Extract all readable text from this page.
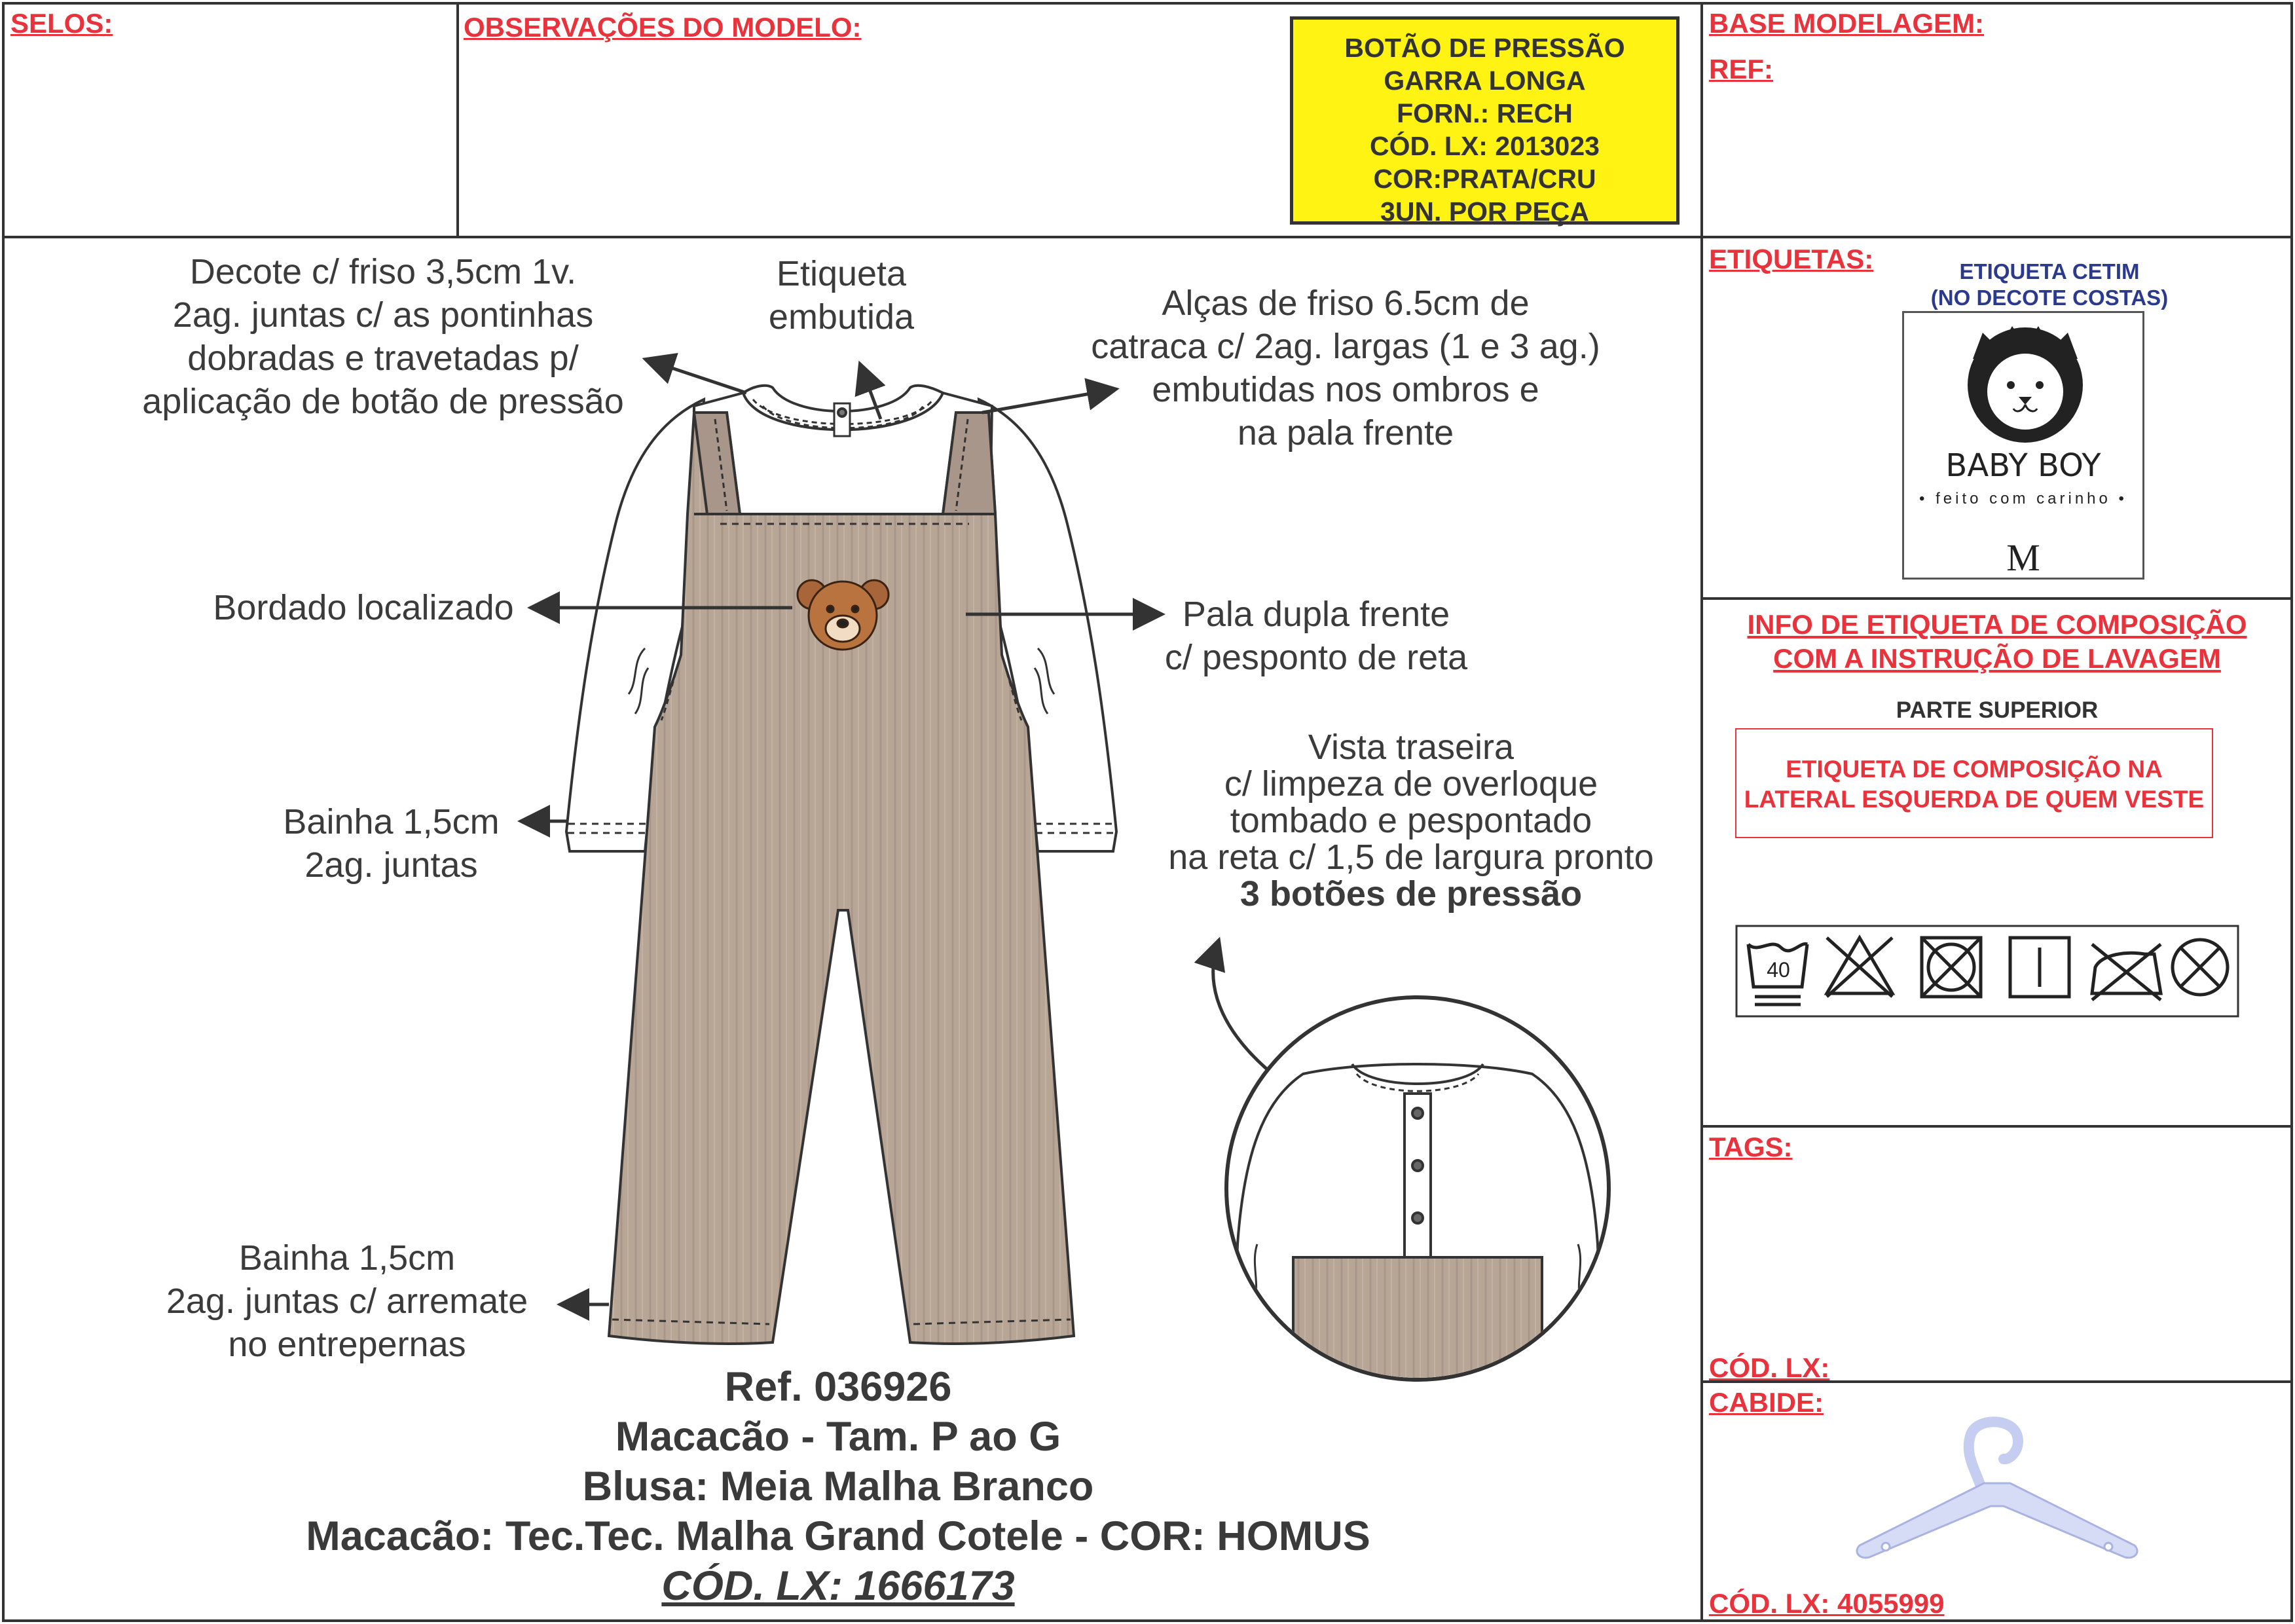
SELOS:	OBSERVAÇÕES DO MODELO:
BOTÃO DE PRESSÃO
GARRA LONGA
FORN.: RECH
CÓD. LX: 2013023
COR:PRATA/CRU
3UN. POR PEÇA
BASE MODELAGEM:
REF:
Decote c/ friso 3,5cm 1v.
2ag. juntas c/ as pontinhas
dobradas e travetadas p/
aplicação de botão de pressão
Etiqueta
embutida	Alças de friso 6.5cm de
catraca c/ 2ag. largas (1 e 3 ag.)
embutidas nos ombros e
na pala frente
Bordado localizado	Pala dupla frente
c/ pesponto de reta
Bainha 1,5cm
2ag. juntas
Vista traseira
c/ limpeza de overloque
tombado e pespontado
na reta c/ 1,5 de largura pronto
3 botões de pressão
Bainha 1,5cm
2ag. juntas c/ arremate
no entrepernas
Ref. 036926
Macacão - Tam. P ao G
Blusa: Meia Malha Branco
Macacão: Tec.Tec. Malha Grand Cotele - COR: HOMUS
CÓD. LX: 1666173
ETIQUETAS:	ETIQUETA CETIM
(NO DECOTE COSTAS)
BABY BOY
• feito com carinho •
M
INFO DE ETIQUETA DE COMPOSIÇÃO
COM A INSTRUÇÃO DE LAVAGEM
PARTE SUPERIOR
ETIQUETA DE COMPOSIÇÃO NA
LATERAL ESQUERDA DE QUEM VESTE
40
TAGS:
CÓD. LX:
CABIDE:
CÓD. LX: 4055999
